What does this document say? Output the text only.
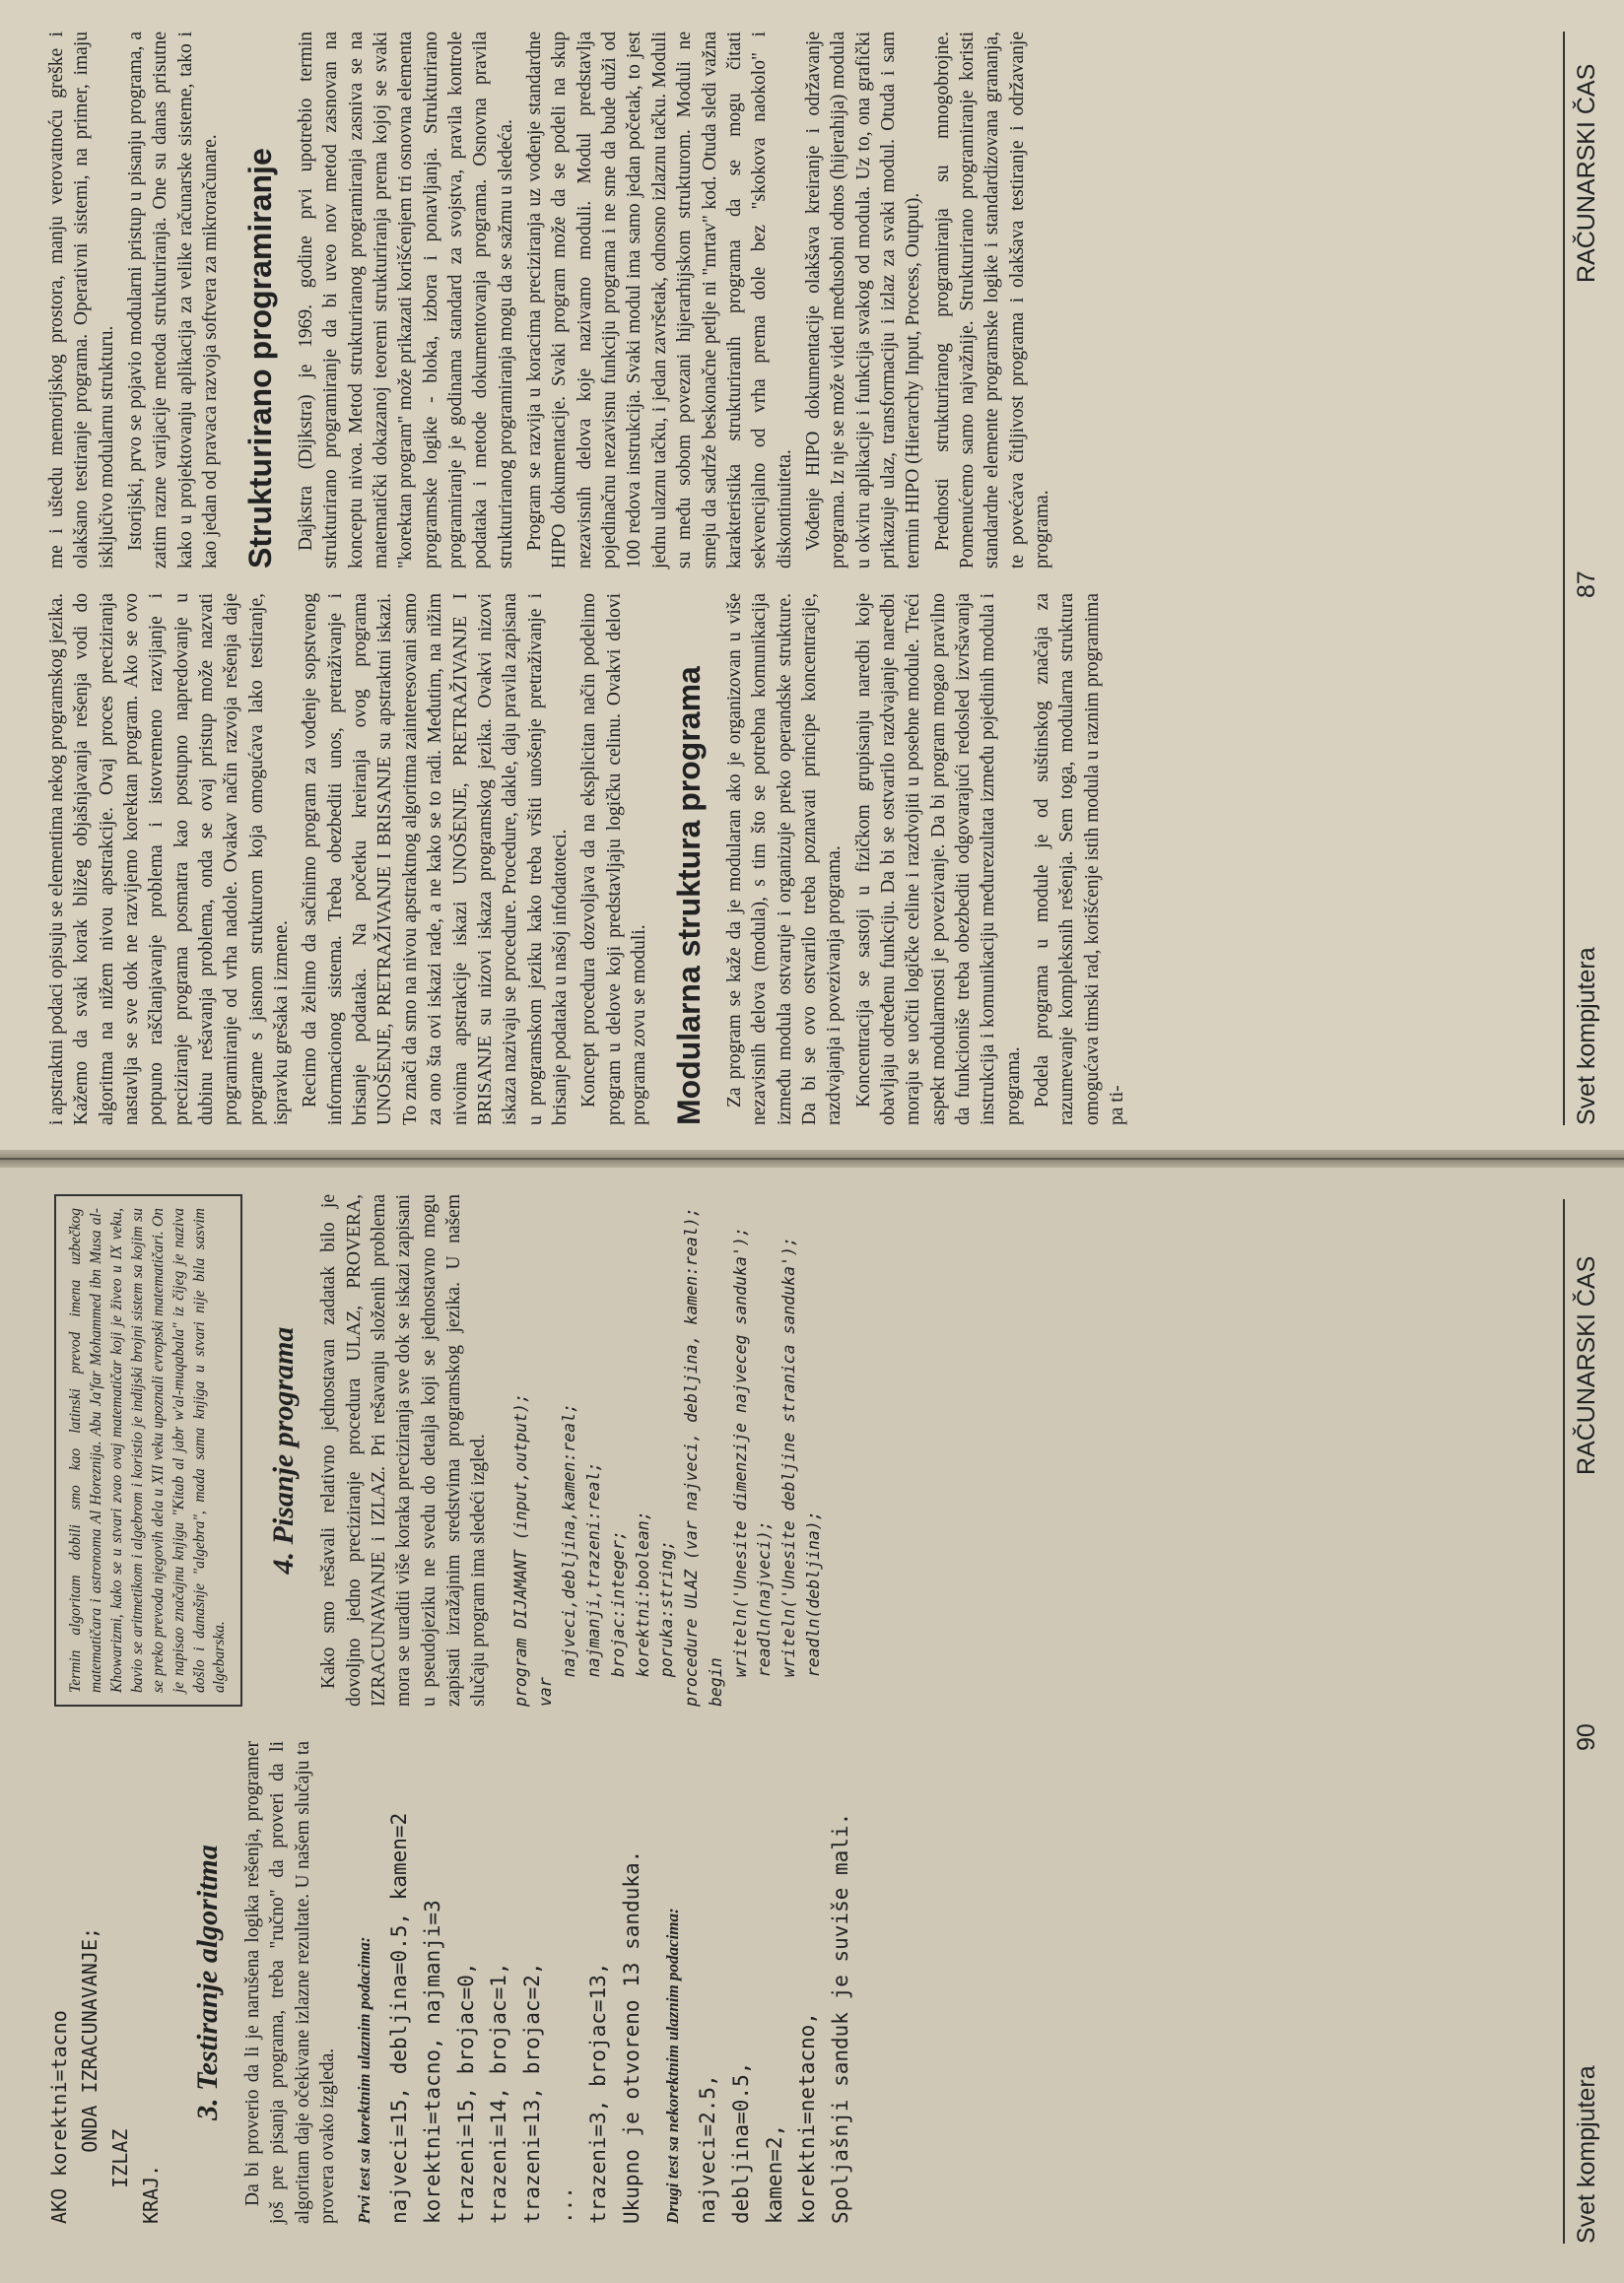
AKO korektni=tacno ONDA IZRACUNAVANJE; IZLAZ KRAJ.
3. Testiranje algoritma Da bi proverio da li je narušena logika rešenja, programer još pre pisanja programa, treba "ručno" da proveri da li algoritam daje očekivane izlazne rezultate. U našem slučaju ta provera ovako izgleda. Prvi test sa korektnim ulaznim podacima: najveci=15, debljina=0.5, kamen=2 korektni=tacno, najmanji=3 trazeni=15, brojac=0, trazeni=14, brojac=1, trazeni=13, brojac=2, ... trazeni=3, brojac=13, Ukupno je otvoreno 13 sanduka.	Drugi test sa nekorektnim ulaznim podacima: najveci=2.5, debljina=0.5, kamen=2, korektni=netacno, Spoljašnji sanduk je suviše mali.
Termin algoritam dobili smo kao latinski prevod imena uzbečkog matematičara i astronoma Al Horeznija. Abu Ja'far Mohammed ibn Musa al-Khowarizmi, kako se u stvari zvao ovaj matematičar koji je živeo u IX veku, bavio se aritmetikom i algebrom i koristio je indijski brojni sistem sa kojim su se preko prevoda njegovih dela u XII veku upoznali evropski matematičari. On je napisao značajnu knjigu "Kitab al jabr w'al-muqabala" iz čijeg je naziva došlo i današnje "algebra", mada sama knjiga u stvari nije bila sasvim algebarska.
4. Pisanje programa Kako smo rešavali relativno jednostavan zadatak bilo je dovoljno jedno preciziranje procedura ULAZ, PROVERA, IZRACUNAVANJE i IZLAZ. Pri rešavanju složenih problema mora se uraditi više koraka preciziranja sve dok se iskazi zapisani u pseudojeziku ne svedu do detalja koji se jednostavno mogu zapisati izražajnim sredstvima programskog jezika. U našem slučaju program ima sledeći izgled. program DIJAMANT (input,output); var najveci,debljina,kamen:real; najmanji,trazeni:real; brojac:integer; korektni:boolean; poruka:string; procedure ULAZ (var najveci, debljina, kamen:real); begin writeln('Unesite dimenzije najveceg sanduka'); readln(najveci); writeln('Unesite debljine stranica sanduka'); readln(debljina);
Svet kompjutera
90
RAČUNARSKI ČAS

i apstraktni podaci opisuju se elementima nekog programskog jezika. Kažemo da svaki korak bližeg objašnjavanja rešenja vodi do algoritma na nižem nivou apstrakcije. Ovaj proces preciziranja nastavlja se sve dok ne razvijemo korektan program. Ako se ovo potpuno raščlanjavanje problema i istovremeno razvijanje i preciziranje programa posmatra kao postupno napredovanje u dubinu rešavanja problema, onda se ovaj pristup može nazvati programiranje od vrha nadole. Ovakav način razvoja rešenja daje programe s jasnom strukturom koja omogućava lako testiranje, ispravku grešaka i izmene. Recimo da želimo da sačinimo program za vođenje sopstvenog informacionog sistema. Treba obezbediti unos, pretraživanje i brisanje podataka. Na početku kreiranja ovog programa UNOŠENJE, PRETRAŽIVANJE I BRISANJE su apstraktni iskazi. To znači da smo na nivou apstraktnog algoritma zainteresovani samo za ono šta ovi iskazi rade, a ne kako se to radi. Međutim, na nižim nivoima apstrakcije iskazi UNOŠENJE, PRETRAŽIVANJE I BRISANJE su nizovi iskaza programskog jezika. Ovakvi nizovi iskaza nazivaju se procedure. Procedure, dakle, daju pravila zapisana u programskom jeziku kako treba vršiti unošenje pretraživanje i brisanje podataka u našoj infodatoteci. Koncept procedura dozvoljava da na eksplicitan način podelimo program u delove koji predstavljaju logičku celinu. Ovakvi delovi programa zovu se moduli. Modularna struktura programa Za program se kaže da je modularan ako je organizovan u više nezavisnih delova (modula), s tim što se potrebna komunikacija između modula ostvaruje i organizuje preko operandske strukture. Da bi se ovo ostvarilo treba poznavati principe koncentracije, razdvajanja i povezivanja programa. Koncentracija se sastoji u fizičkom grupisanju naredbi koje obavljaju određenu funkciju. Da bi se ostvarilo razdvajanje naredbi moraju se uočiti logičke celine i razdvojiti u posebne module. Treći aspekt modularnosti je povezivanje. Da bi program mogao pravilno da funkcioniše treba obezbediti odgovarajući redosled izvršavanja instrukcija i komunikaciju međurezultata između pojedinih modula i programa. Podela programa u module je od suštinskog značaja za razumevanje kompleksnih rešenja. Sem toga, modularna struktura omogućava timski rad, korišćenje istih modula u raznim programima pa ti-

me i uštedu memorijskog prostora, manju verovatnoću greške i olakšano testiranje programa. Operativni sistemi, na primer, imaju isključivo modularnu strukturu. Istorijski, prvo se pojavio modularni pristup u pisanju programa, a zatim razne varijacije metoda strukturiranja. One su danas prisutne kako u projektovanju aplikacija za velike računarske sisteme, tako i kao jedan od pravaca razvoja softvera za mikroračunare. Strukturirano programiranje Dajkstra (Dijkstra) je 1969. godine prvi upotrebio termin strukturirano programiranje da bi uveo nov metod zasnovan na konceptu nivoa. Metod strukturiranog programiranja zasniva se na matematički dokazanoj teoremi strukturiranja prema kojoj se svaki "korektan program" može prikazati korišćenjem tri osnovna elementa programske logike - bloka, izbora i ponavljanja. Strukturirano programiranje je godinama standard za svojstva, pravila kontrole podataka i metode dokumentovanja programa. Osnovna pravila strukturiranog programiranja mogu da se sažmu u sledeća. Program se razvija u koracima preciziranja uz vođenje standardne HIPO dokumentacije. Svaki program može da se podeli na skup nezavisnih delova koje nazivamo moduli. Modul predstavlja pojedinačnu nezavisnu funkciju programa i ne sme da bude duži od 100 redova instrukcija. Svaki modul ima samo jedan početak, to jest jednu ulaznu tačku, i jedan završetak, odnosno izlaznu tačku. Moduli su među sobom povezani hijerarhijskom strukturom. Moduli ne smeju da sadrže beskonačne petlje ni "mrtav" kod. Otuda sledi važna karakteristika strukturiranih programa da se mogu čitati sekvencijalno od vrha prema dole bez "skokova naokolo" i diskontinuiteta. Vođenje HIPO dokumentacije olakšava kreiranje i održavanje programa. Iz nje se može videti međusobni odnos (hijerahija) modula u okviru aplikacije i funkcija svakog od modula. Uz to, ona grafički prikazuje ulaz, transformaciju i izlaz za svaki modul. Otuda i sam termin HIPO (Hierarchy Input, Process, Output). Prednosti strukturiranog programiranja su mnogobrojne. Pomenućemo samo najvažnije. Strukturirano programiranje koristi standardne elemente programske logike i standardizovana grananja, te povećava čitljivost programa i olakšava testiranje i održavanje programa.

Svet kompjutera
87
RAČUNARSKI ČAS
